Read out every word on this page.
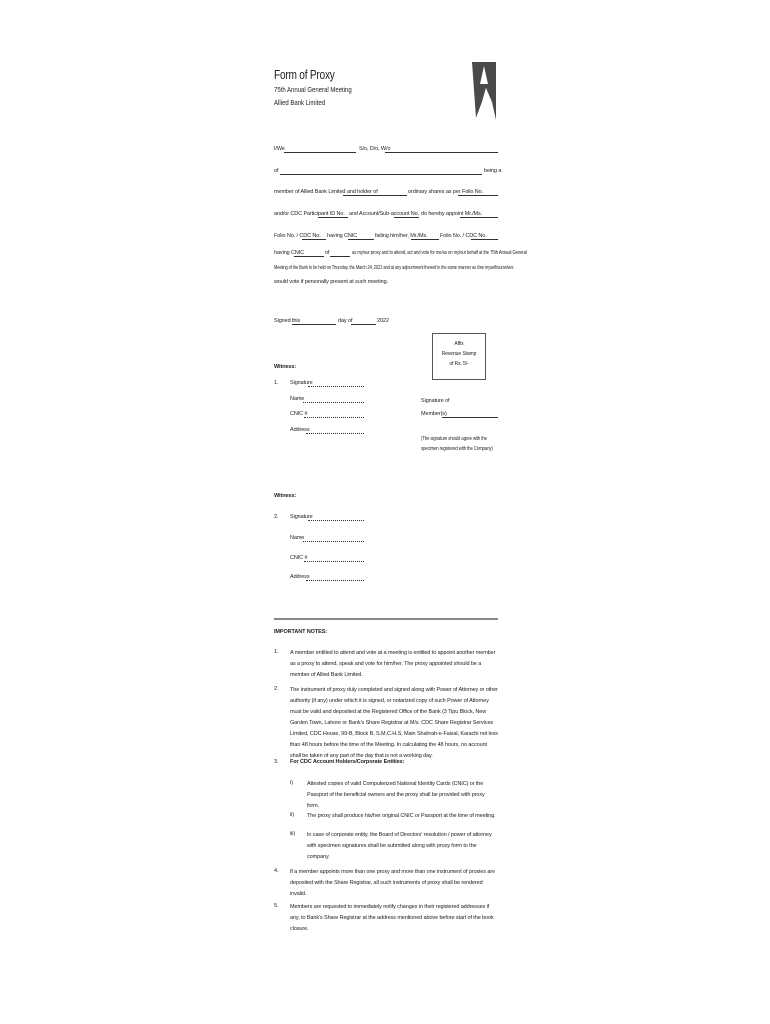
Form of Proxy
75th Annual General Meeting
Allied Bank Limited
I/We	S/o, D/o, W/o
of	being a
member of Allied Bank Limited and holder of	ordinary shares as per Folio No.
and/or CDC Participant ID No. and Account/Sub-account No. do hereby appoint Mr./Ms.
Folio No. / CDC No. having CNIC	failing him/her, Mr./Ms. Folio No. / CDC No.
having CNIC	of	as my/our proxy and to attend, act and vote for me/us on my/our behalf at the 75th Annual General
Meeting of the Bank to be held on Thursday, the March 24, 2022 and at any adjournment thereof in the same manner as I/we myself/ourselves
would vote if personally present at such meeting.
Signed this	day of	2022
Affix
Revenue Stamp
of Rs. 5/-
Witness:
1. Signature
Name
CNIC #
Address
Signature of
Member(s)
(The signature should agree with the
specimen registered with the Company)
Witness:
2. Signature
Name
CNIC #
Address
IMPORTANT NOTES:
1. A member entitled to attend and vote at a meeting is entitled to appoint another member as a proxy to attend, speak and vote for him/her. The proxy appointed should be a member of Allied Bank Limited.
2. The instrument of proxy duly completed and signed along with Power of Attorney or other authority (if any) under which it is signed, or notarized copy of such Power of Attorney must be valid and deposited at the Registered Office of the Bank (3 Tipu Block, New Garden Town, Lahore or Bank's Share Registrar at M/s. CDC Share Registrar Services Limited, CDC House, 99-B, Block B, S.M.C.H.S, Main Shahrah-e-Faisal, Karachi not less than 48 hours before the time of the Meeting. In calculating the 48 hours, no account shall be taken of any part of the day that is not a working day.
3. For CDC Account Holders/Corporate Entities:
i)	Attested copies of valid Computerized National Identity Cards (CNIC) or the Passport of the beneficial owners and the proxy shall be provided with proxy form.
ii) The proxy shall produce his/her original CNIC or Passport at the time of meeting.
iii) In case of corporate entity, the Board of Directors' resolution / power of attorney with specimen signatures shall be submitted along with proxy form to the company.
4. If a member appoints more than one proxy and more than one instrument of proxies are deposited with the Share Registrar, all such instruments of proxy shall be rendered invalid.
5. Members are requested to immediately notify changes in their registered addresses if any, to Bank's Share Registrar at the address mentioned above before start of the book closure.
